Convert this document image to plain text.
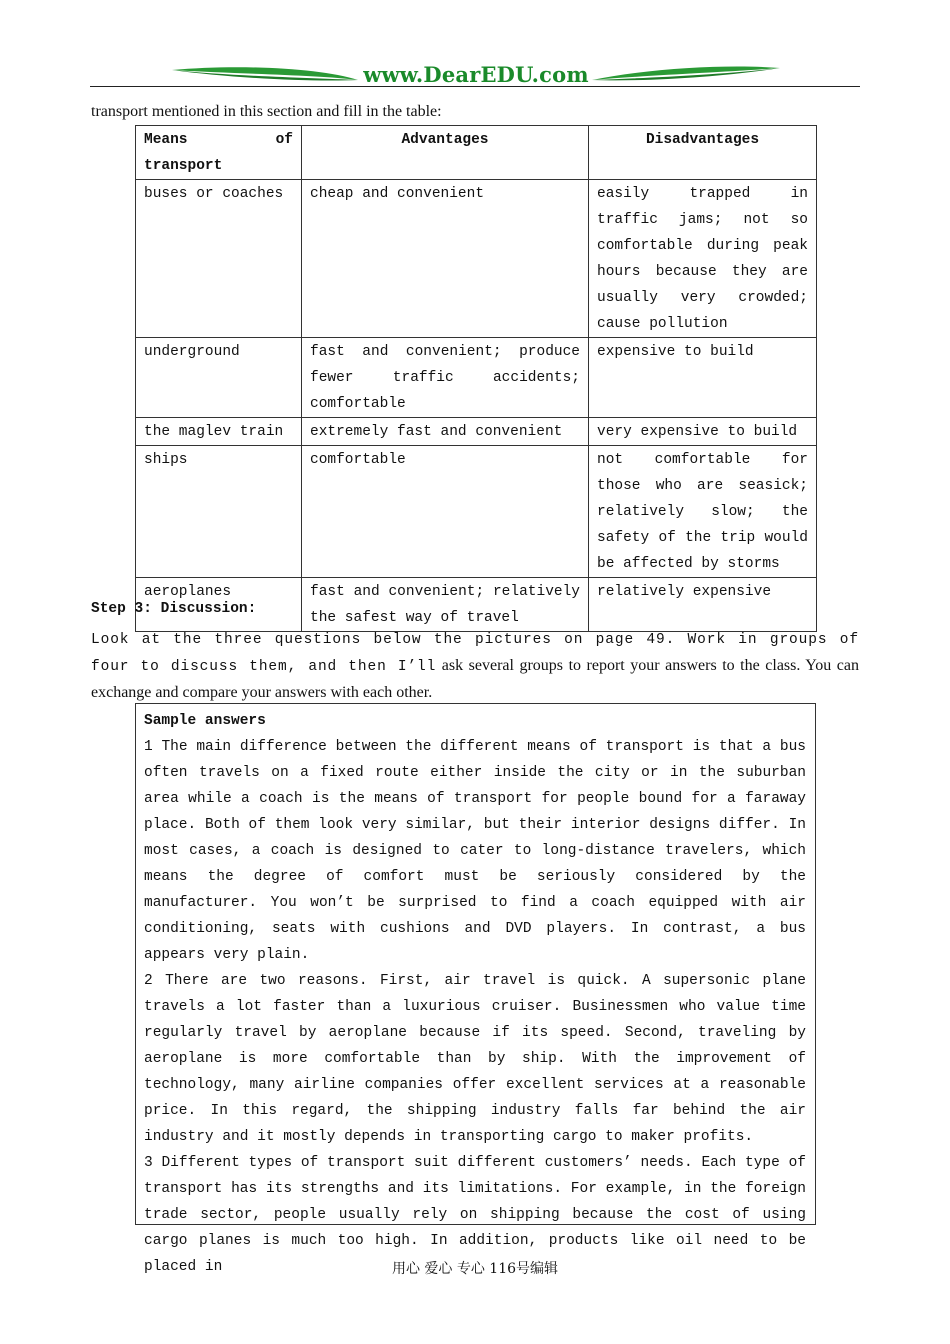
www.DearEDU.com
transport mentioned in this section and fill in the table:
Means of transport	Advantages	Disadvantages

buses or coaches	cheap and convenient	easily trapped in traffic jams; not so comfortable during peak hours because they are usually very crowded; cause pollution
underground	fast and convenient; produce fewer traffic accidents; comfortable	expensive to build
the maglev train	extremely fast and convenient	very expensive to build
ships	comfortable	not comfortable for those who are seasick; relatively slow; the safety of the trip would be affected by storms
aeroplanes	fast and convenient; relatively the safest way of travel	relatively expensive
Step 3: Discussion:
Look at the three questions below the pictures on page 49. Work in groups of four to discuss them, and then I’ll ask several groups to report your answers to the class. You can exchange and compare your answers with each other.

Sample answers

1 The main difference between the different means of transport is that a bus often travels on a fixed route either inside the city or in the suburban area while a coach is the means of transport for people bound for a faraway place. Both of them look very similar, but their interior designs differ. In most cases, a coach is designed to cater to long-distance travelers, which means the degree of comfort must be seriously considered by the manufacturer. You won’t be surprised to find a coach equipped with air conditioning, seats with cushions and DVD players. In contrast, a bus appears very plain.

2 There are two reasons. First, air travel is quick. A supersonic plane travels a lot faster than a luxurious cruiser. Businessmen who value time regularly travel by aeroplane because if its speed. Second, traveling by aeroplane is more comfortable than by ship. With the improvement of technology, many airline companies offer excellent services at a reasonable price. In this regard, the shipping industry falls far behind the air industry and it mostly depends in transporting cargo to maker profits.

3 Different types of transport suit different customers’ needs. Each type of transport has its strengths and its limitations. For example, in the foreign trade sector, people usually rely on shipping because the cost of using cargo planes is much too high. In addition, products like oil need to be placed in	用心 爱心 专心 116号编辑
